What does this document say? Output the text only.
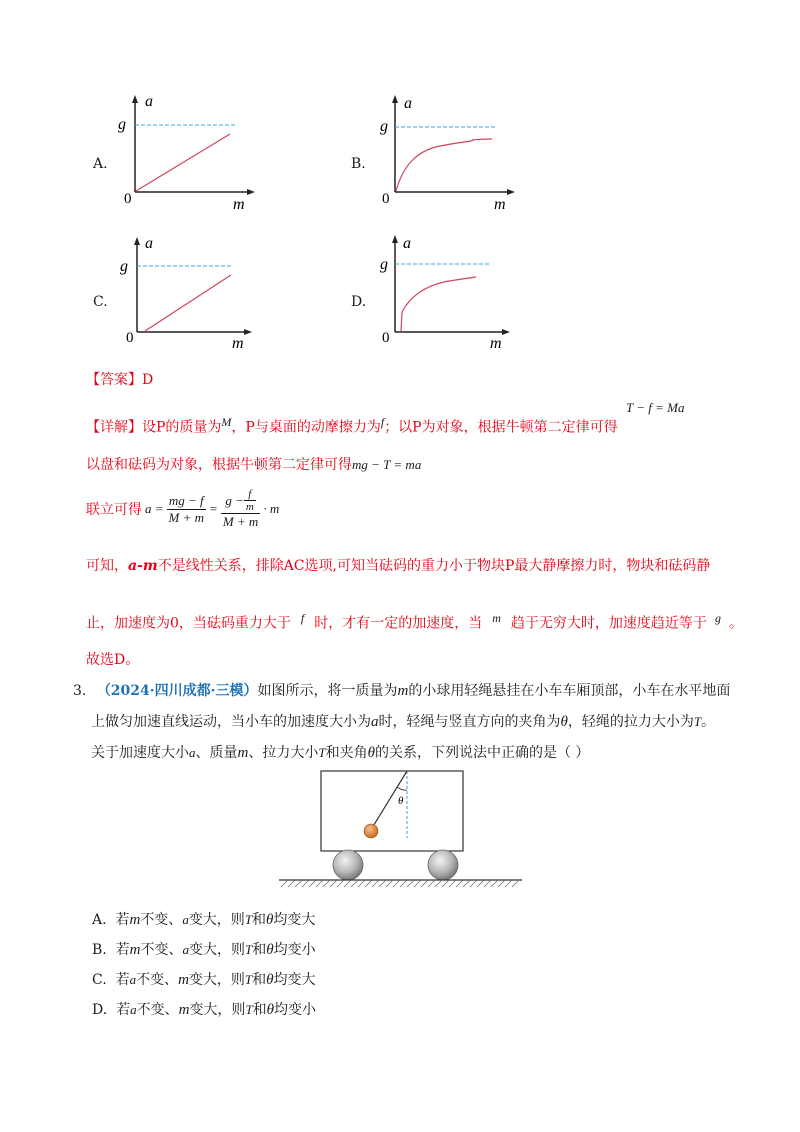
A.
g
a
m
0
B.
g
a
m
0
C.
g
a
m
0
D.
g
a
m
0
【答案】D
【详解】设P的质量为$^M$，P与桌面的动摩擦力为$^f$；以P为对象，根据牛顿第二定律可得
T − f = Ma
以盘和砝码为对象，根据牛顿第二定律可得mg − T = ma
联立可得 $a = \frac{mg - f}{M + m} = \frac{g - \frac{f}{m}}{M + m} \cdot m$
可知，a-m不是线性关系，排除AC选项,可知当砝码的重力小于物块P最大静摩擦力时，物块和砝码静
止，加速度为0，当砝码重力大于 $^f$ 时，才有一定的加速度，当 $^m$ 趋于无穷大时，加速度趋近等于 $^g$ 。
故选D。
3. （2024·四川成都·三模）如图所示，将一质量为m的小球用轻绳悬挂在小车车厢顶部，小车在水平地面
上做匀加速直线运动，当小车的加速度大小为a时，轻绳与竖直方向的夹角为θ，轻绳的拉力大小为T。
关于加速度大小a、质量m、拉力大小T和夹角θ的关系，下列说法中正确的是（ ）
θ
A. 若m不变、a变大，则T和θ均变大
B. 若m不变、a变大，则T和θ均变小
C. 若a不变、m变大，则T和θ均变大
D. 若a不变、m变大，则T和θ均变小
